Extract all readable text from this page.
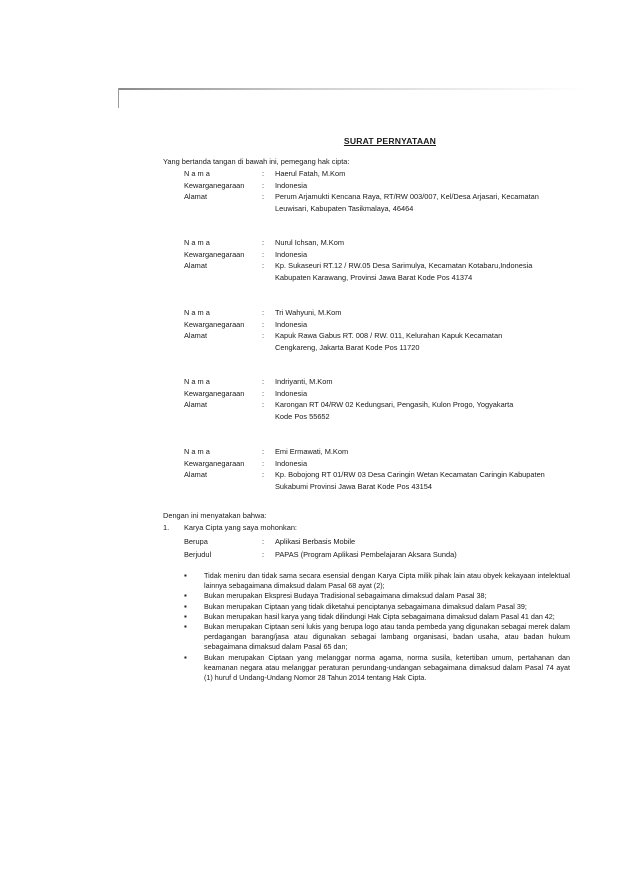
SURAT PERNYATAAN
Yang bertanda tangan di bawah ini, pemegang hak cipta:
N a m a	:	Haerul Fatah, M.Kom
Kewarganegaraan	:	Indonesia
Alamat	:	Perum Arjamukti Kencana Raya, RT/RW 003/007, Kel/Desa Arjasari, Kecamatan
Leuwisari, Kabupaten Tasikmalaya, 46464
N a m a	:	Nurul Ichsan, M.Kom
Kewarganegaraan	:	Indonesia
Alamat	:	Kp. Sukaseuri RT.12 / RW.05 Desa Sarimulya, Kecamatan Kotabaru,Indonesia
Kabupaten Karawang, Provinsi Jawa Barat Kode Pos 41374
N a m a	:	Tri Wahyuni, M.Kom
Kewarganegaraan	:	Indonesia
Alamat	:	Kapuk Rawa Gabus RT. 008 / RW. 011, Kelurahan Kapuk Kecamatan
Cengkareng, Jakarta Barat Kode Pos 11720
N a m a	:	Indriyanti, M.Kom
Kewarganegaraan	:	Indonesia
Alamat	:	Karongan RT 04/RW 02 Kedungsari, Pengasih, Kulon Progo, Yogyakarta
Kode Pos 55652
N a m a	:	Emi Ermawati, M.Kom
Kewarganegaraan	:	Indonesia
Alamat	:	Kp. Bobojong RT 01/RW 03 Desa Caringin Wetan Kecamatan Caringin Kabupaten
Sukabumi Provinsi Jawa Barat Kode Pos 43154
Dengan ini menyatakan bahwa:
1. Karya Cipta yang saya mohonkan:
Berupa	:	Aplikasi Berbasis Mobile
Berjudul	:	PAPAS (Program Aplikasi Pembelajaran Aksara Sunda)
▪	Tidak meniru dan tidak sama secara esensial dengan Karya Cipta milik pihak lain atau obyek kekayaan intelektual lainnya sebagaimana dimaksud dalam Pasal 68 ayat (2);
▪	Bukan merupakan Ekspresi Budaya Tradisional sebagaimana dimaksud dalam Pasal 38;
▪	Bukan merupakan Ciptaan yang tidak diketahui penciptanya sebagaimana dimaksud dalam Pasal 39;
▪	Bukan merupakan hasil karya yang tidak dilindungi Hak Cipta sebagaimana dimaksud dalam Pasal 41 dan 42;
▪	Bukan merupakan Ciptaan seni lukis yang berupa logo atau tanda pembeda yang digunakan sebagai merek dalam perdagangan barang/jasa atau digunakan sebagai lambang organisasi, badan usaha, atau badan hukum sebagaimana dimaksud dalam Pasal 65 dan;
▪	Bukan merupakan Ciptaan yang melanggar norma agama, norma susila, ketertiban umum, pertahanan dan keamanan negara atau melanggar peraturan perundang-undangan sebagaimana dimaksud dalam Pasal 74 ayat (1) huruf d Undang-Undang Nomor 28 Tahun 2014 tentang Hak Cipta.
